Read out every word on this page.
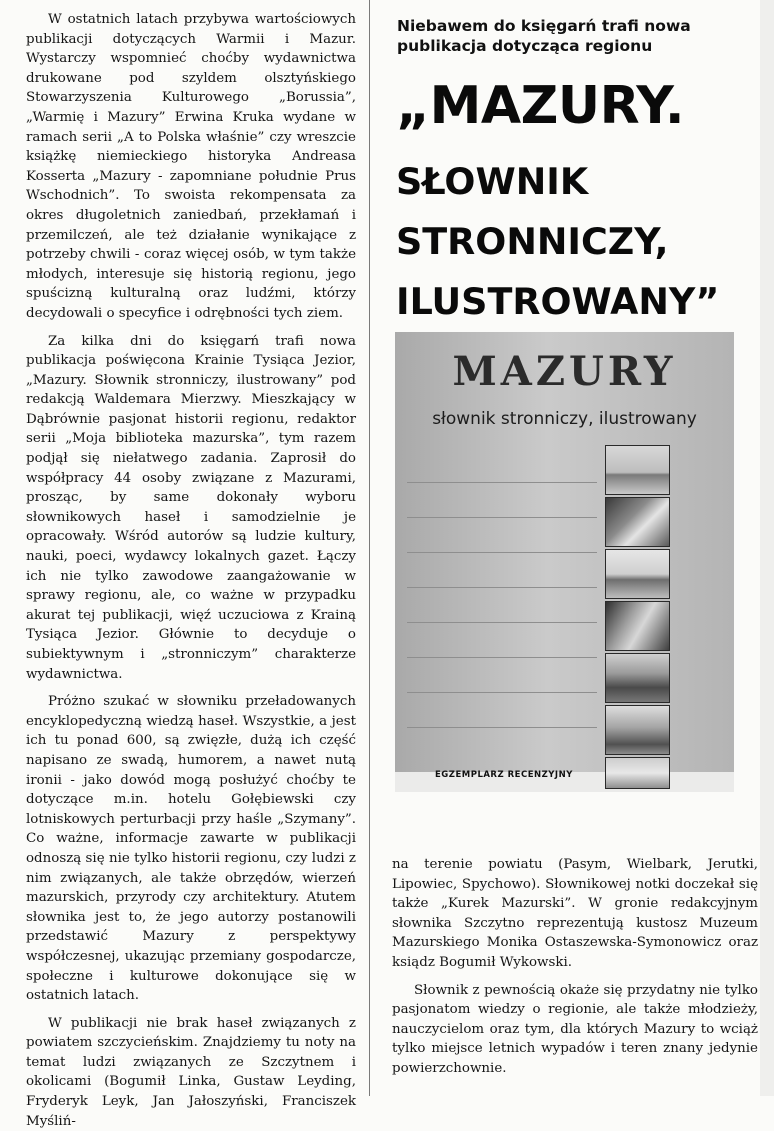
W ostatnich latach przybywa wartościowych publikacji dotyczących Warmii i Mazur. Wystarczy wspomnieć choćby wydawnictwa drukowane pod szyldem olsztyńskiego Stowarzyszenia Kulturowego „Borussia”, „Warmię i Mazury” Erwina Kruka wydane w ramach serii „A to Polska właśnie” czy wreszcie książkę niemieckiego historyka Andreasa Kosserta „Mazury - zapomniane południe Prus Wschodnich”. To swoista rekompensata za okres długoletnich zaniedbań, przekłamań i przemilczeń, ale też działanie wynikające z potrzeby chwili - coraz więcej osób, w tym także młodych, interesuje się historią regionu, jego spuścizną kulturalną oraz ludźmi, którzy decydowali o specyfice i odrębności tych ziem.

Za kilka dni do księgarń trafi nowa publikacja poświęcona Krainie Tysiąca Jezior, „Mazury. Słownik stronniczy, ilustrowany” pod redakcją Waldemara Mierzwy. Mieszkający w Dąbrównie pasjonat historii regionu, redaktor serii „Moja biblioteka mazurska”, tym razem podjął się niełatwego zadania. Zaprosił do współpracy 44 osoby związane z Mazurami, prosząc, by same dokonały wyboru słownikowych haseł i samodzielnie je opracowały. Wśród autorów są ludzie kultury, nauki, poeci, wydawcy lokalnych gazet. Łączy ich nie tylko zawodowe zaangażowanie w sprawy regionu, ale, co ważne w przypadku akurat tej publikacji, więź uczuciowa z Krainą Tysiąca Jezior. Głównie to decyduje o subiektywnym i „stronniczym” charakterze wydawnictwa.

Próżno szukać w słowniku przeładowanych encyklopedyczną wiedzą haseł. Wszystkie, a jest ich tu ponad 600, są zwięzłe, dużą ich część napisano ze swadą, humorem, a nawet nutą ironii - jako dowód mogą posłużyć choćby te dotyczące m.in. hotelu Gołębiewski czy lotniskowych perturbacji przy haśle „Szymany”. Co ważne, informacje zawarte w publikacji odnoszą się nie tylko historii regionu, czy ludzi z nim związanych, ale także obrzędów, wierzeń mazurskich, przyrody czy architektury. Atutem słownika jest to, że jego autorzy postanowili przedstawić Mazury z perspektywy współczesnej, ukazując przemiany gospodarcze, społeczne i kulturowe dokonujące się w ostatnich latach.

W publikacji nie brak haseł związanych z powiatem szczycieńskim. Znajdziemy tu noty na temat ludzi związanych ze Szczytnem i okolicami (Bogumił Linka, Gustaw Leyding, Fryderyk Leyk, Jan Jałoszyński, Franciszek Myśliń-

Niebawem do księgarń trafi nowa publikacja dotycząca regionu
„MAZURY.
SŁOWNIK
STRONNICZY,
ILUSTROWANY”
MAZURY
słownik stronniczy, ilustrowany
EGZEMPLARZ RECENZYJNY

na terenie powiatu (Pasym, Wielbark, Jerutki, Lipowiec, Spychowo). Słownikowej notki doczekał się także „Kurek Mazurski”. W gronie redakcyjnym słownika Szczytno reprezentują kustosz Muzeum Mazurskiego Monika Ostaszewska-Symonowicz oraz ksiądz Bogumił Wykowski.

Słownik z pewnością okaże się przydatny nie tylko pasjonatom wiedzy o regionie, ale także młodzieży, nauczycielom oraz tym, dla których Mazury to wciąż tylko miejsce letnich wypadów i teren znany jedynie powierzchownie.
